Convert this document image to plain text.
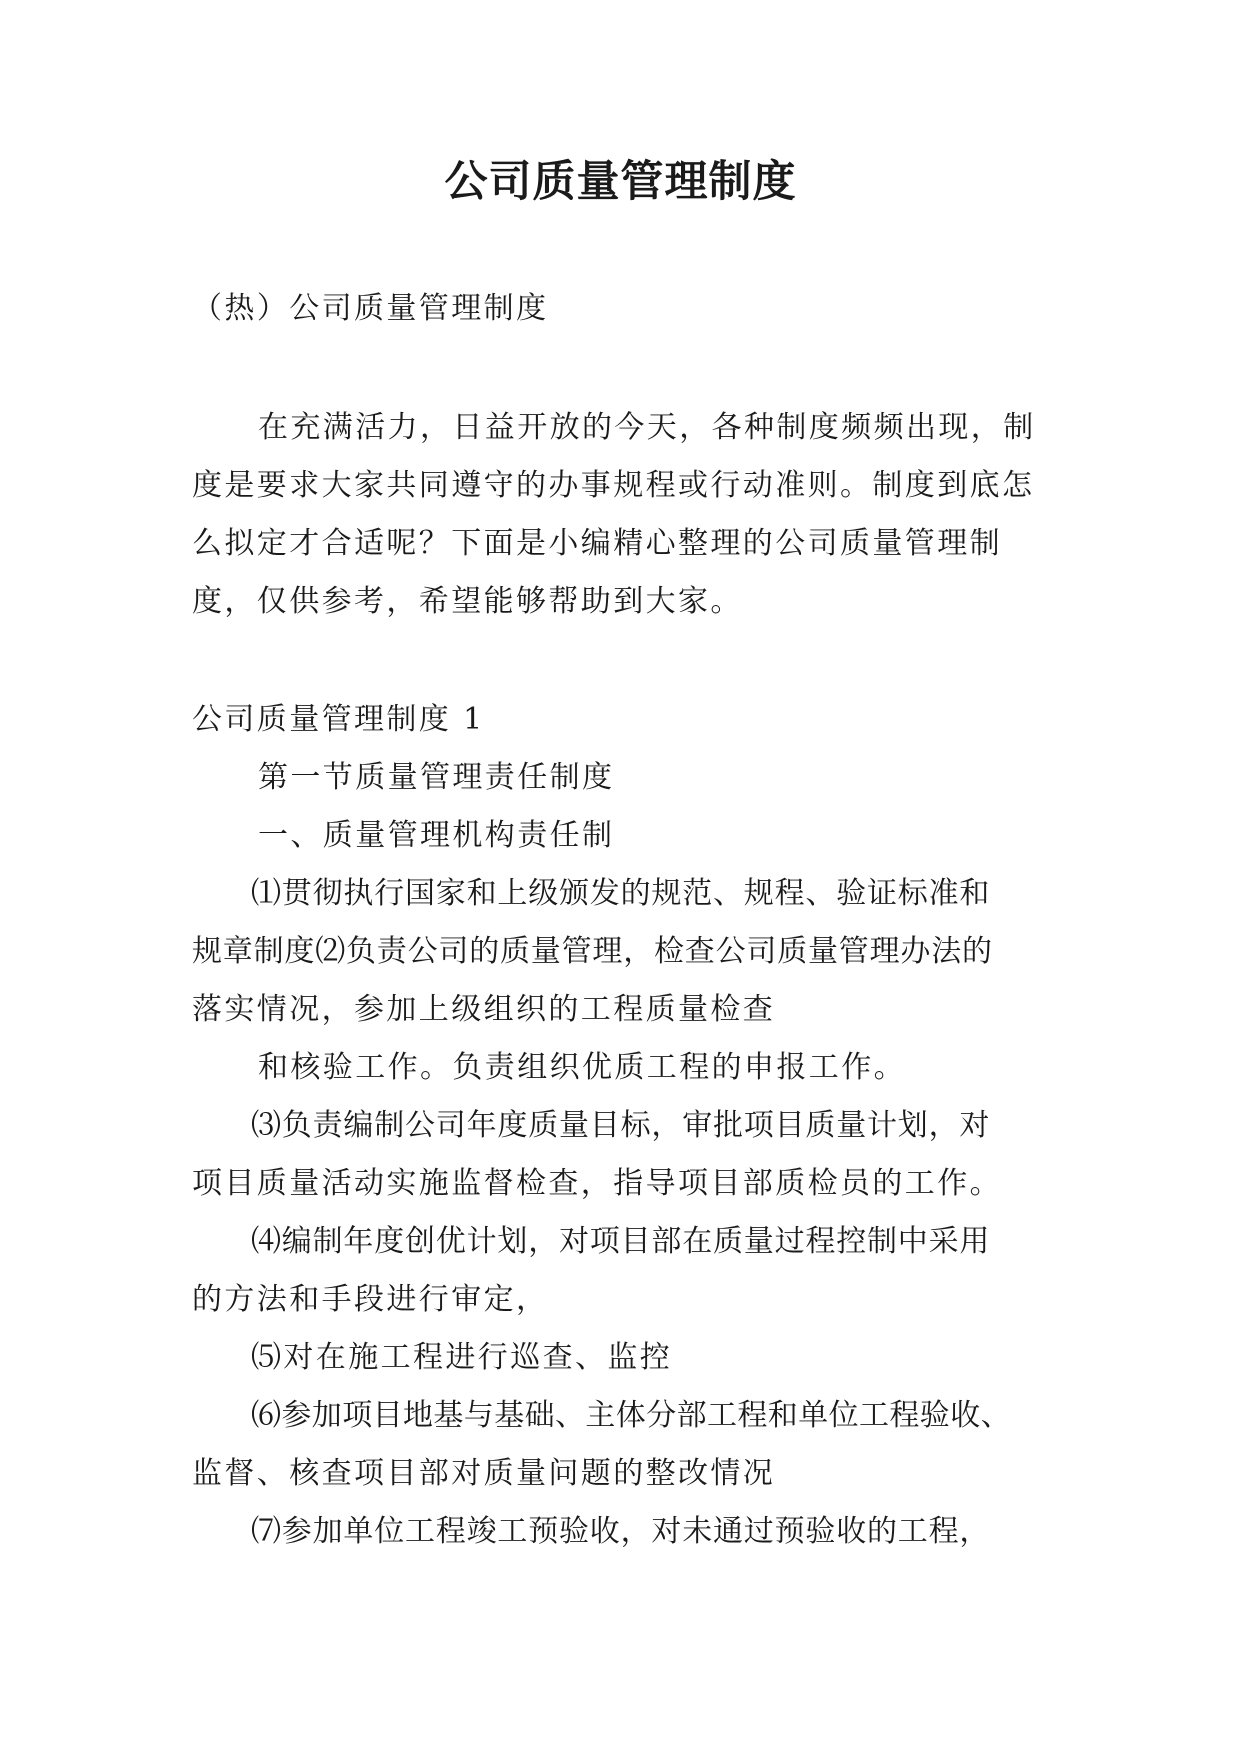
公司质量管理制度
（热）公司质量管理制度
在充满活力，日益开放的今天，各种制度频频出现，制
度是要求大家共同遵守的办事规程或行动准则。制度到底怎
么拟定才合适呢？下面是小编精心整理的公司质量管理制
度，仅供参考，希望能够帮助到大家。
公司质量管理制度 1
第一节质量管理责任制度
一、质量管理机构责任制
⑴贯彻执行国家和上级颁发的规范、规程、验证标准和
规章制度⑵负责公司的质量管理，检查公司质量管理办法的
落实情况，参加上级组织的工程质量检查
和核验工作。负责组织优质工程的申报工作。
⑶负责编制公司年度质量目标，审批项目质量计划，对
项目质量活动实施监督检查，指导项目部质检员的工作。
⑷编制年度创优计划，对项目部在质量过程控制中采用
的方法和手段进行审定，
⑸对在施工程进行巡查、监控
⑹参加项目地基与基础、主体分部工程和单位工程验收、
监督、核查项目部对质量问题的整改情况
⑺参加单位工程竣工预验收，对未通过预验收的工程，
